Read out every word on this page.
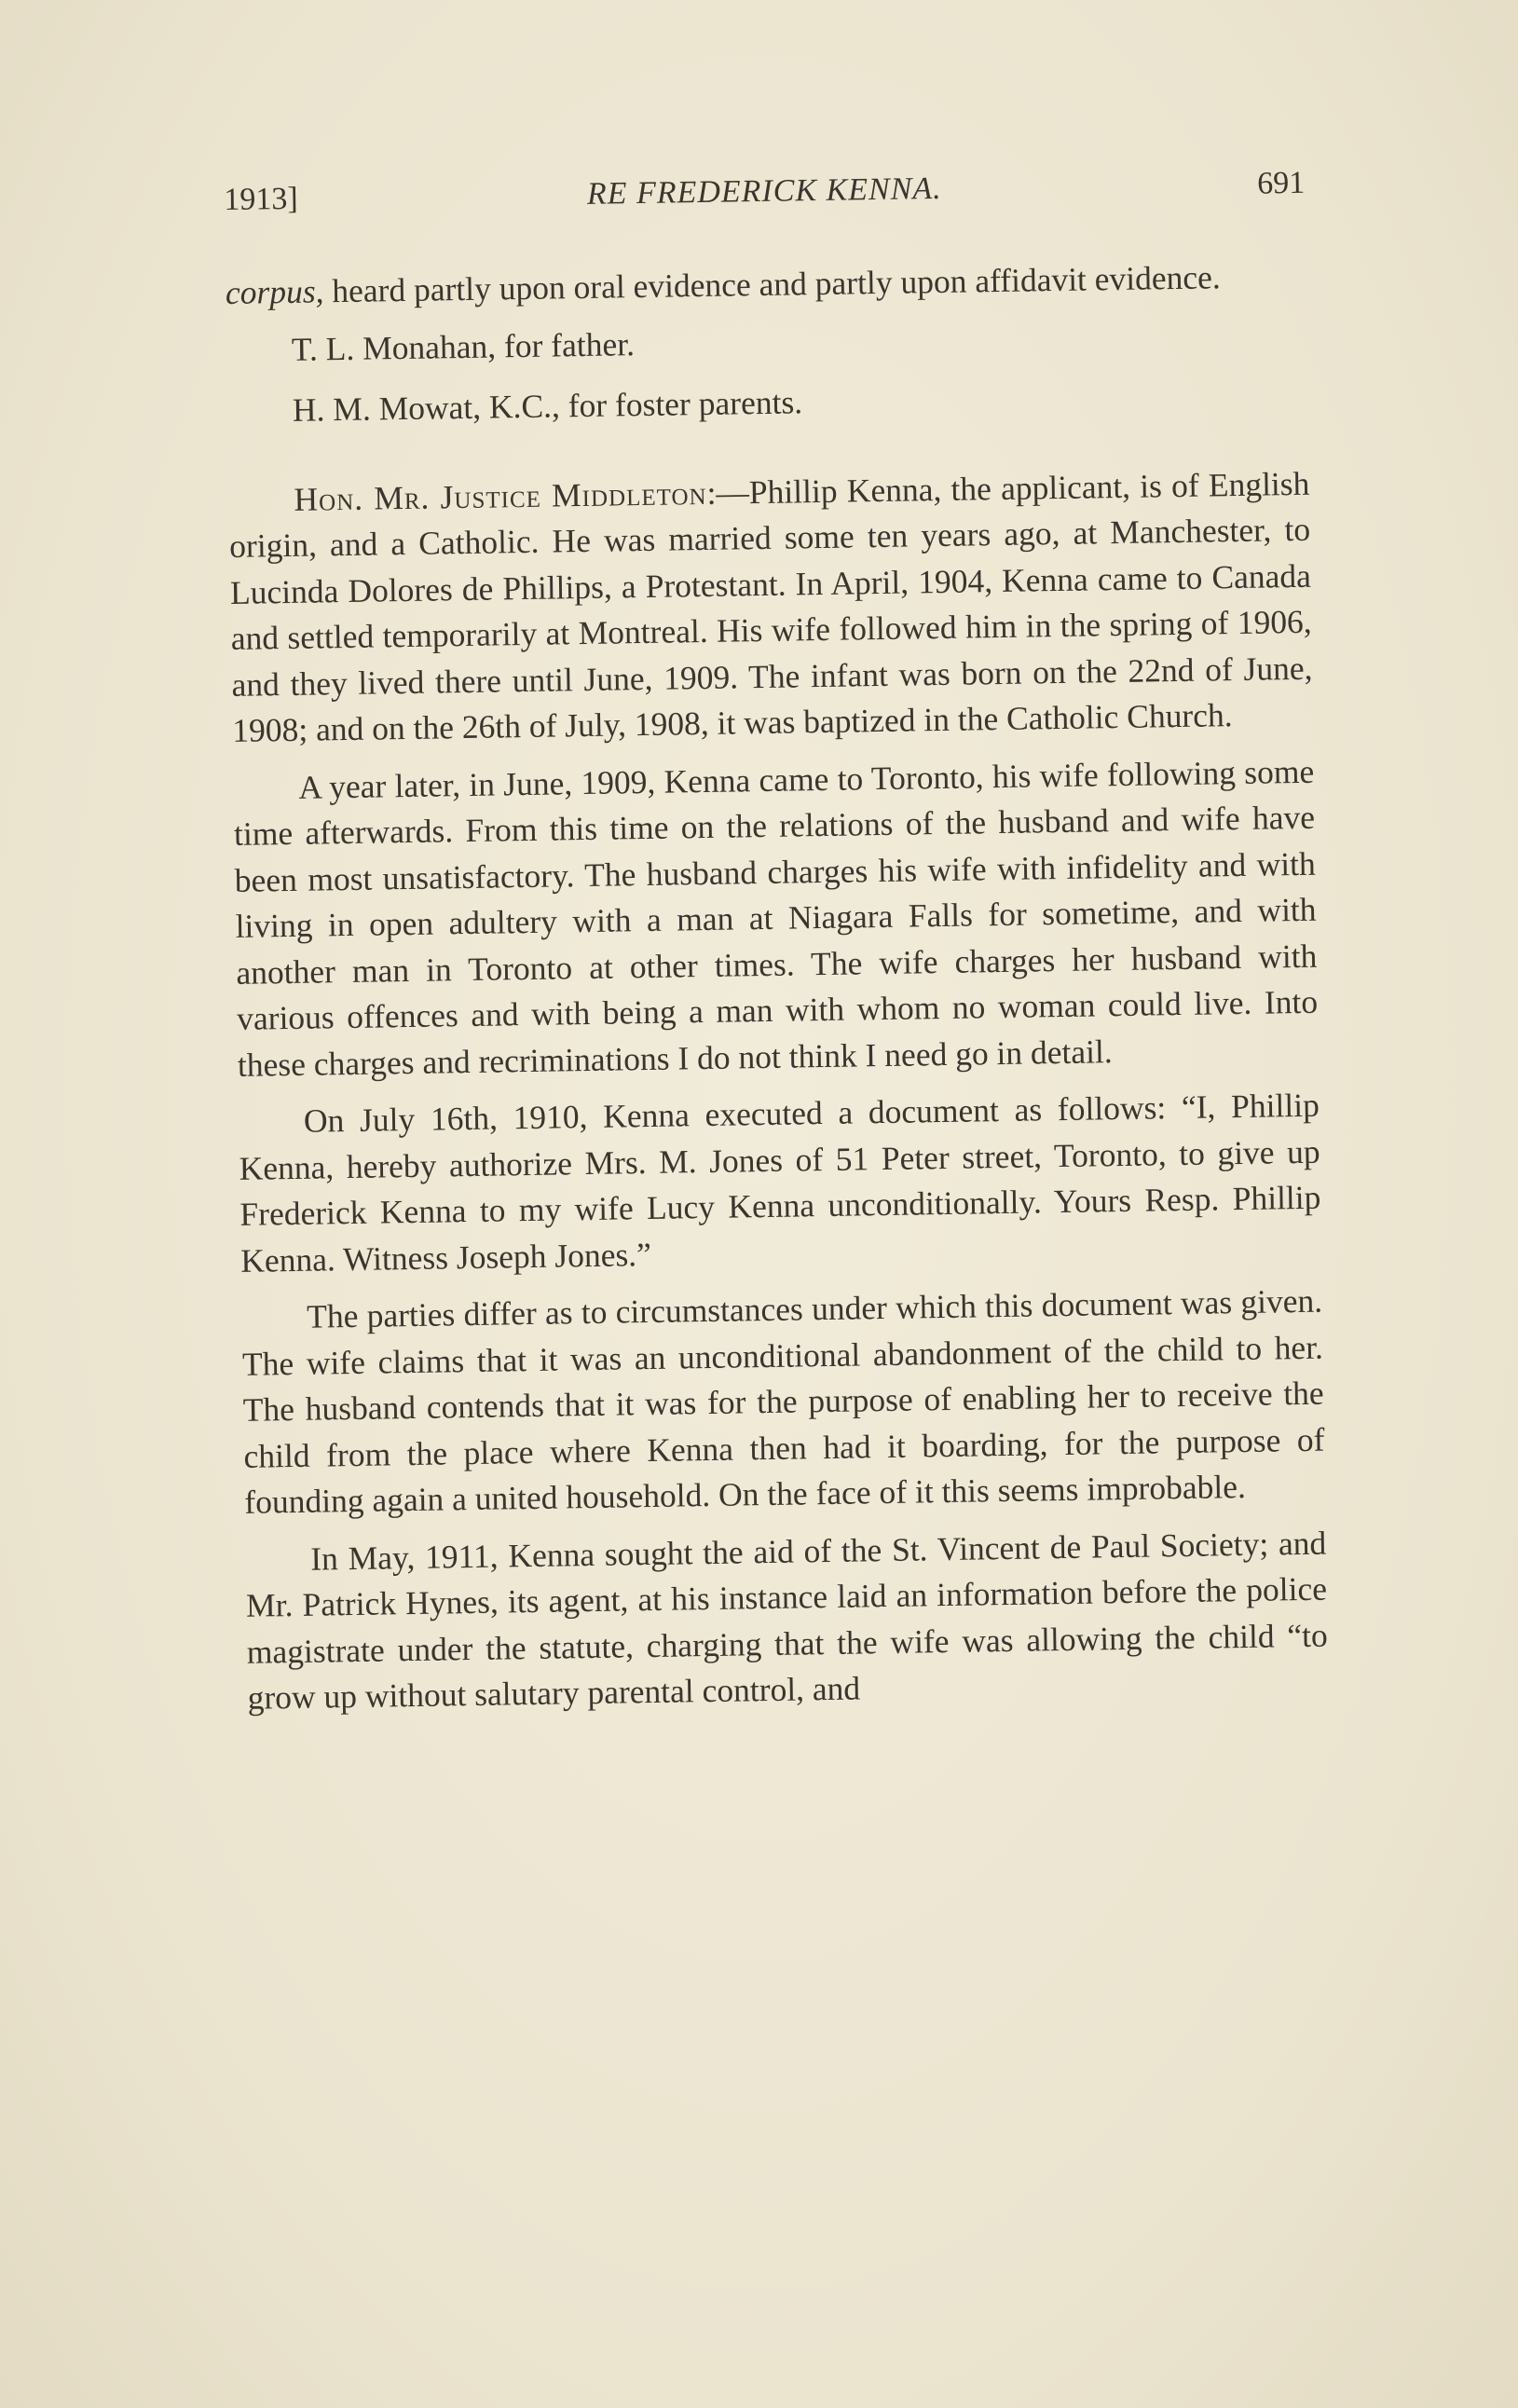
1913]	RE FREDERICK KENNA.	691

corpus, heard partly upon oral evidence and partly upon affidavit evidence.

T. L. Monahan, for father.

H. M. Mowat, K.C., for foster parents.

Hon. Mr. Justice Middleton:—Phillip Kenna, the applicant, is of English origin, and a Catholic. He was married some ten years ago, at Manchester, to Lucinda Dolores de Phillips, a Protestant. In April, 1904, Kenna came to Canada and settled temporarily at Montreal. His wife followed him in the spring of 1906, and they lived there until June, 1909. The infant was born on the 22nd of June, 1908; and on the 26th of July, 1908, it was baptized in the Catholic Church.

A year later, in June, 1909, Kenna came to Toronto, his wife following some time afterwards. From this time on the relations of the husband and wife have been most unsatisfactory. The husband charges his wife with infidelity and with living in open adultery with a man at Niagara Falls for sometime, and with another man in Toronto at other times. The wife charges her husband with various offences and with being a man with whom no woman could live. Into these charges and recriminations I do not think I need go in detail.

On July 16th, 1910, Kenna executed a document as follows: “I, Phillip Kenna, hereby authorize Mrs. M. Jones of 51 Peter street, Toronto, to give up Frederick Kenna to my wife Lucy Kenna unconditionally. Yours Resp. Phillip Kenna. Witness Joseph Jones.”

The parties differ as to circumstances under which this document was given. The wife claims that it was an unconditional abandonment of the child to her. The husband contends that it was for the purpose of enabling her to receive the child from the place where Kenna then had it boarding, for the purpose of founding again a united household. On the face of it this seems improbable.

In May, 1911, Kenna sought the aid of the St. Vincent de Paul Society; and Mr. Patrick Hynes, its agent, at his instance laid an information before the police magistrate under the statute, charging that the wife was allowing the child “to grow up without salutary parental control, and
